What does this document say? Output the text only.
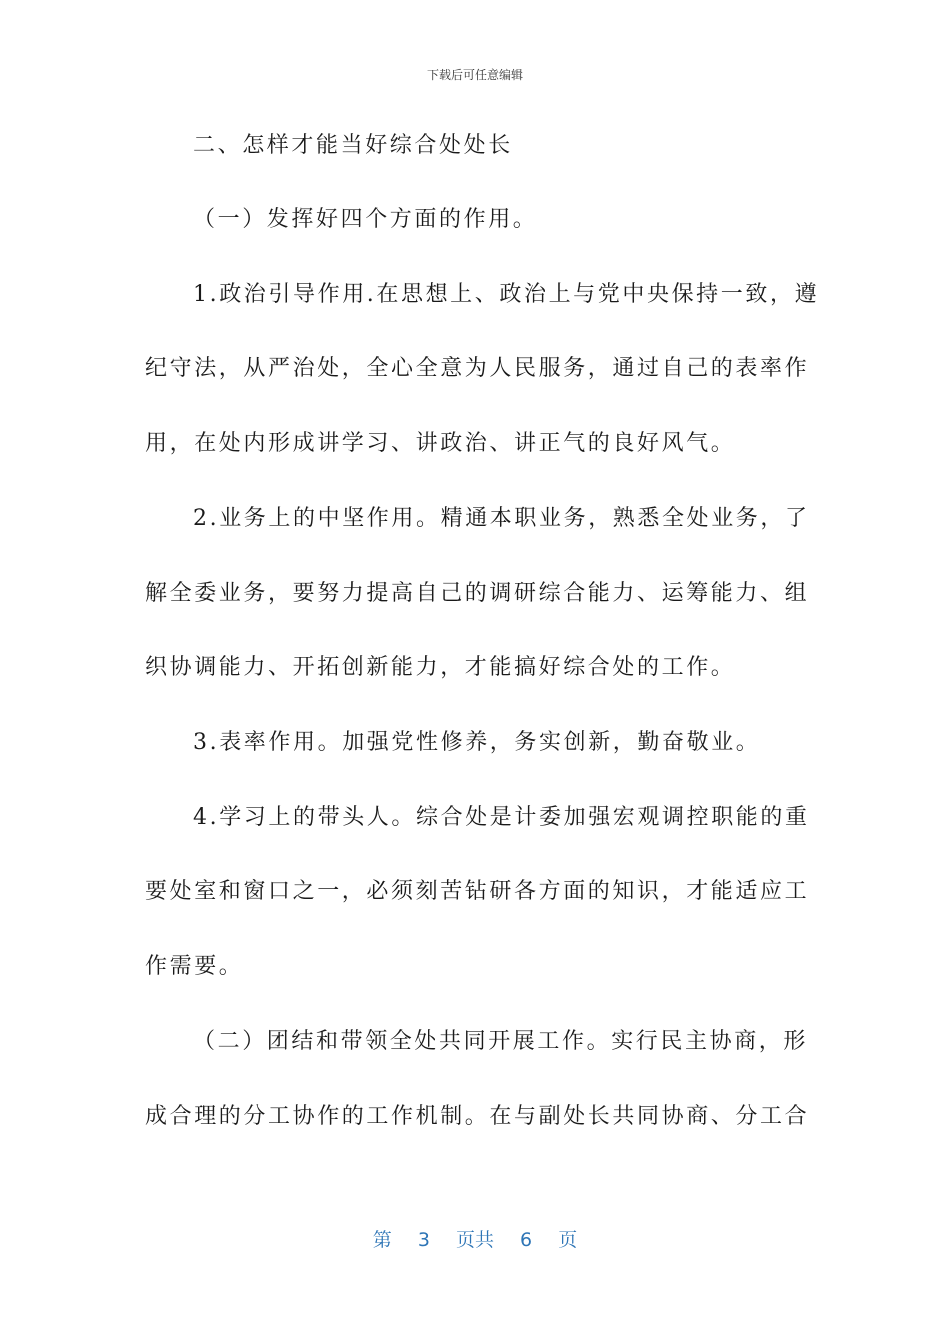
下载后可任意编辑
二、怎样才能当好综合处处长
（一）发挥好四个方面的作用。
1.政治引导作用.在思想上、政治上与党中央保持一致，遵
纪守法，从严治处，全心全意为人民服务，通过自己的表率作
用，在处内形成讲学习、讲政治、讲正气的良好风气。
2.业务上的中坚作用。精通本职业务，熟悉全处业务，了
解全委业务，要努力提高自己的调研综合能力、运筹能力、组
织协调能力、开拓创新能力，才能搞好综合处的工作。
3.表率作用。加强党性修养，务实创新，勤奋敬业。
4.学习上的带头人。综合处是计委加强宏观调控职能的重
要处室和窗口之一，必须刻苦钻研各方面的知识，才能适应工
作需要。
（二）团结和带领全处共同开展工作。实行民主协商，形
成合理的分工协作的工作机制。在与副处长共同协商、分工合
第 3 页共 6 页
